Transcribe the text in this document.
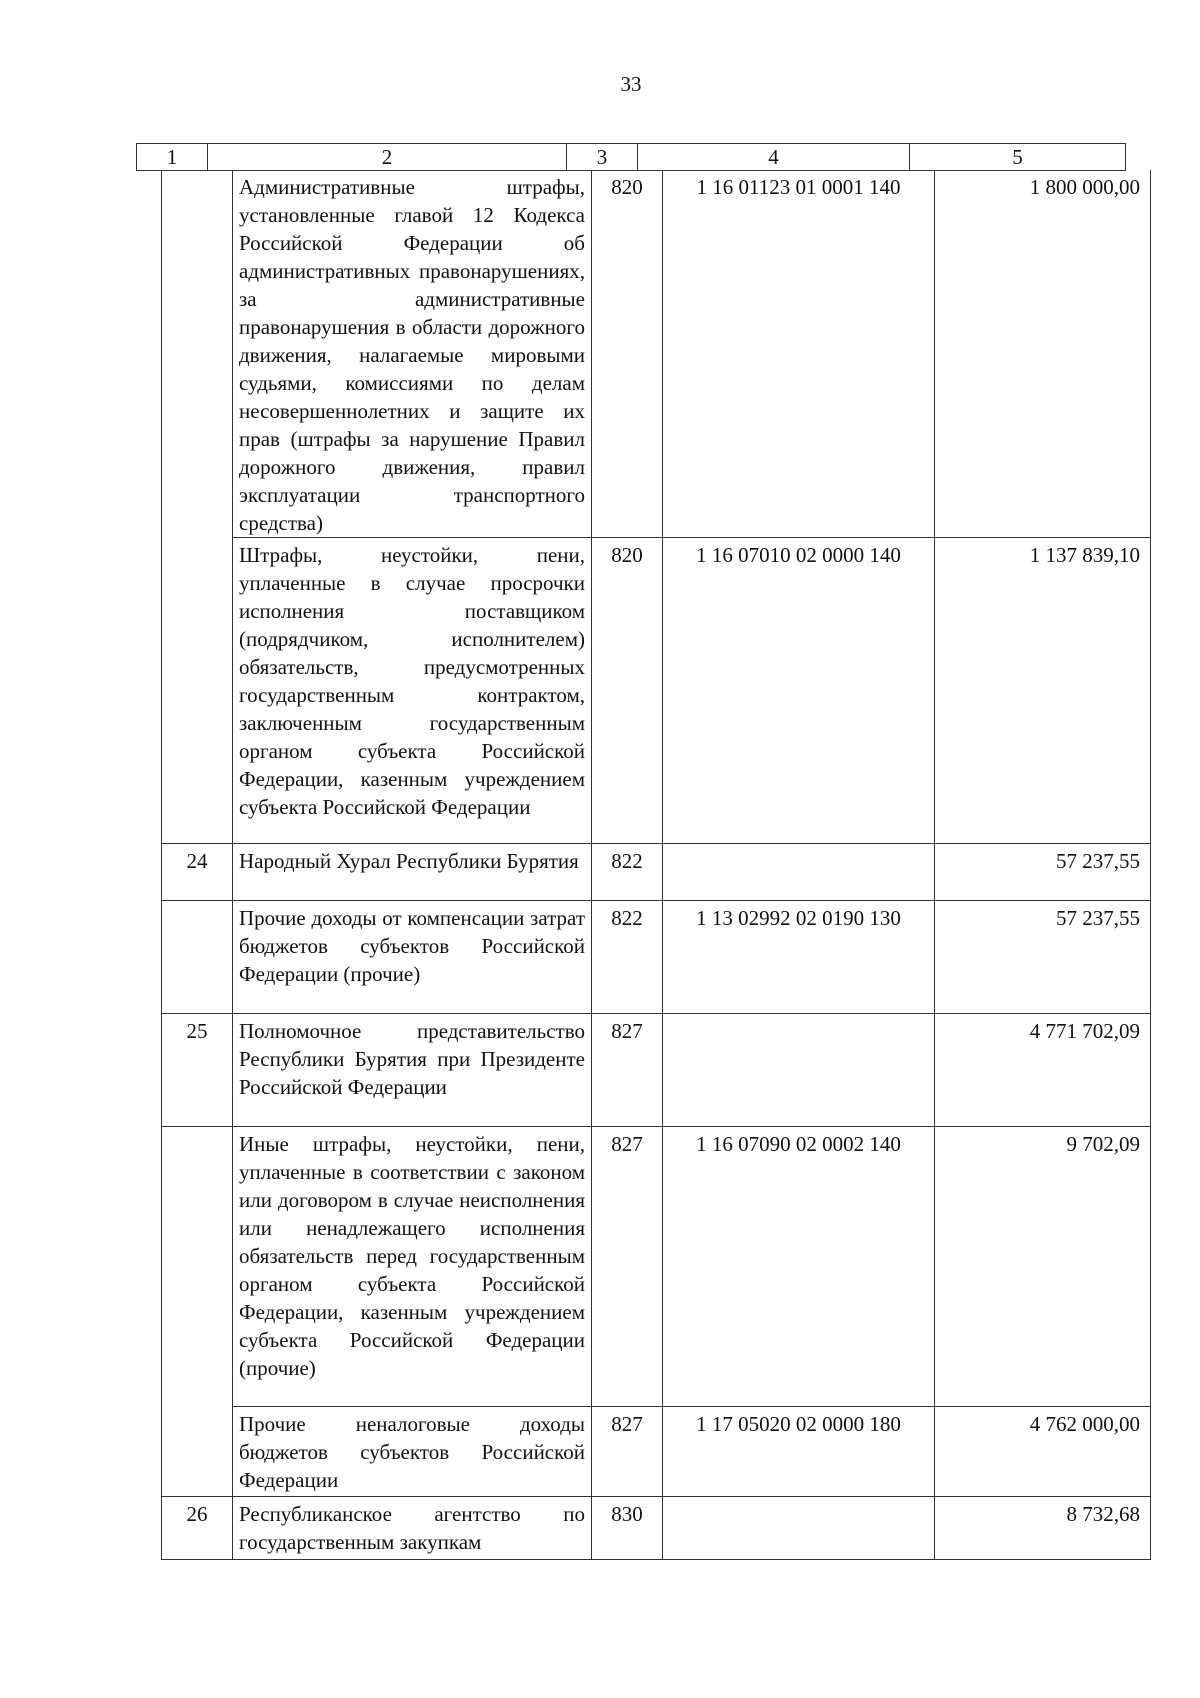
33
1	2	3	4	5
	Административные штрафы, установленные главой 12 Кодекса Российской Федерации об административных правонарушениях, за административные правонарушения в области дорожного движения, налагаемые мировыми судьями, комиссиями по делам несовершеннолетних и защите их прав (штрафы за нарушение Правил дорожного движения, правил эксплуатации транспортного средства)	820	1 16 01123 01 0001 140	1 800 000,00
	Штрафы, неустойки, пени, уплаченные в случае просрочки исполнения поставщиком (подрядчиком, исполнителем) обязательств, предусмотренных государственным контрактом, заключенным государственным органом субъекта Российской Федерации, казенным учреждением субъекта Российской Федерации	820	1 16 07010 02 0000 140	1 137 839,10
24	Народный Хурал Республики Бурятия	822		57 237,55
	Прочие доходы от компенсации затрат бюджетов субъектов Российской Федерации (прочие)	822	1 13 02992 02 0190 130	57 237,55
25	Полномочное представительство Республики Бурятия при Президенте Российской Федерации	827		4 771 702,09
	Иные штрафы, неустойки, пени, уплаченные в соответствии с законом или договором в случае неисполнения или ненадлежащего исполнения обязательств перед государственным органом субъекта Российской Федерации, казенным учреждением субъекта Российской Федерации (прочие)	827	1 16 07090 02 0002 140	9 702,09
	Прочие неналоговые доходы бюджетов субъектов Российской Федерации	827	1 17 05020 02 0000 180	4 762 000,00
26	Республиканское агентство по государственным закупкам	830		8 732,68
